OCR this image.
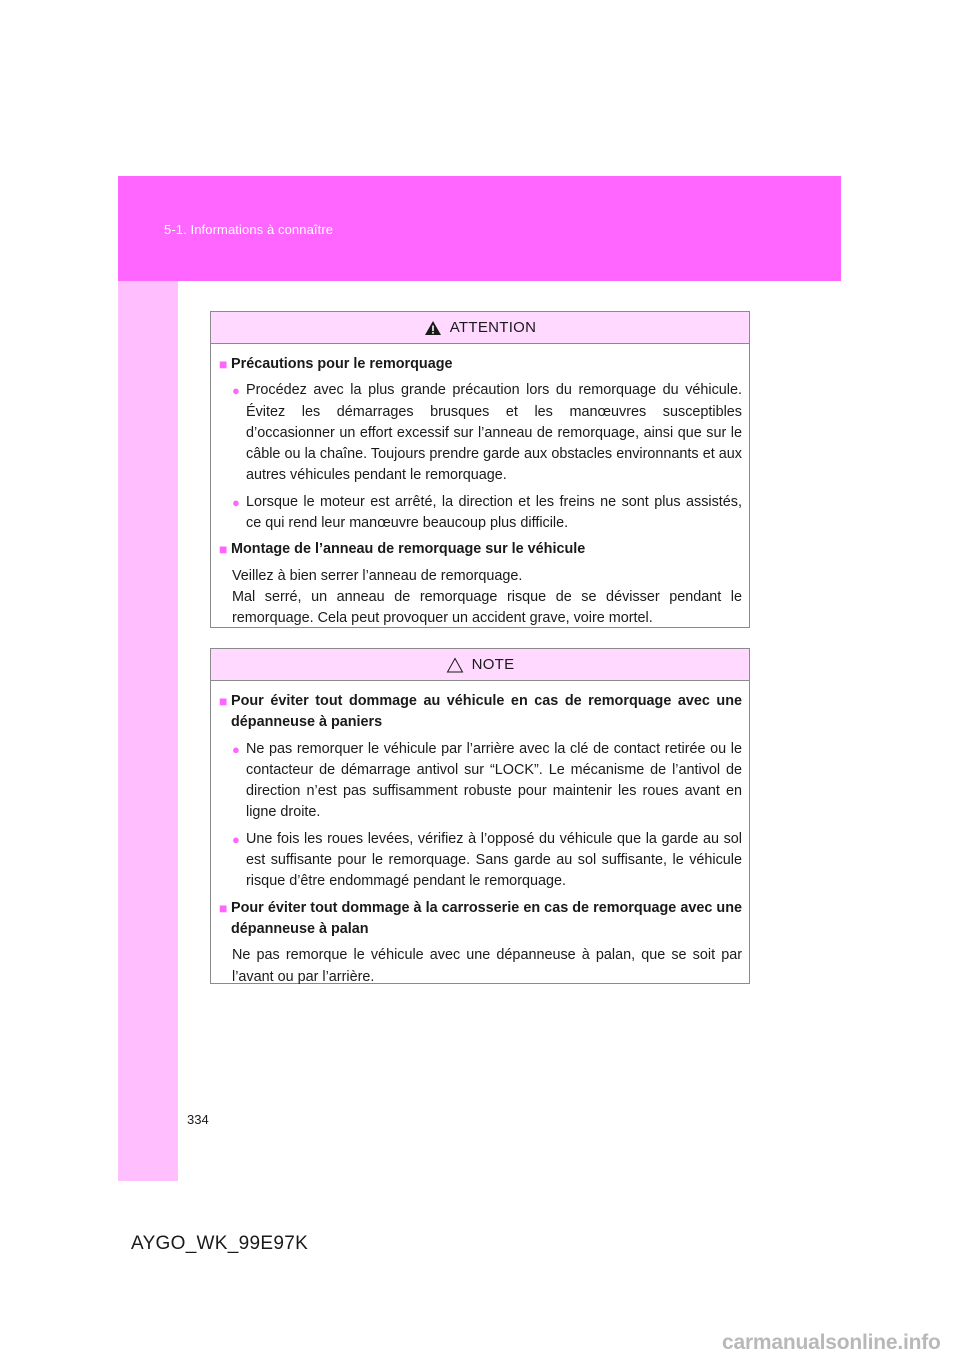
5-1. Informations à connaître
ATTENTION
■ Précautions pour le remorquage
● Procédez avec la plus grande précaution lors du remorquage du véhicule. Évitez les démarrages brusques et les manœuvres susceptibles d’occasionner un effort excessif sur l’anneau de remorquage, ainsi que sur le câble ou la chaîne. Toujours prendre garde aux obstacles environnants et aux autres véhicules pendant le remorquage.
● Lorsque le moteur est arrêté, la direction et les freins ne sont plus assistés, ce qui rend leur manœuvre beaucoup plus difficile.
■ Montage de l’anneau de remorquage sur le véhicule
Veillez à bien serrer l’anneau de remorquage.
Mal serré, un anneau de remorquage risque de se dévisser pendant le remorquage. Cela peut provoquer un accident grave, voire mortel.
NOTE
■ Pour éviter tout dommage au véhicule en cas de remorquage avec une dépanneuse à paniers
● Ne pas remorquer le véhicule par l’arrière avec la clé de contact retirée ou le contacteur de démarrage antivol sur “LOCK”. Le mécanisme de l’antivol de direction n’est pas suffisamment robuste pour maintenir les roues avant en ligne droite.
● Une fois les roues levées, vérifiez à l’opposé du véhicule que la garde au sol est suffisante pour le remorquage. Sans garde au sol suffisante, le véhicule risque d’être endommagé pendant le remorquage.
■ Pour éviter tout dommage à la carrosserie en cas de remorquage avec une dépanneuse à palan
Ne pas remorque le véhicule avec une dépanneuse à palan, que se soit par l’avant ou par l’arrière.
334
AYGO_WK_99E97K
carmanualsonline.info
